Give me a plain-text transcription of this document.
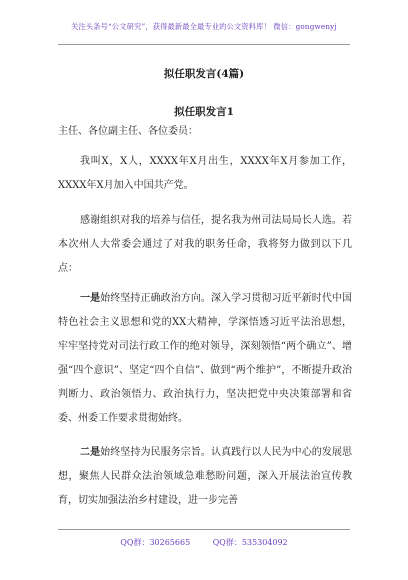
关注头条号“公文研究”，获得最新最全最专业的公文资料库！ 微信：gongwenyj
拟任职发言(4篇)
拟任职发言1
主任、各位副主任、各位委员：
我叫X，X人，XXXX年X月出生，XXXX年X月参加工作，XXXX年X月加入中国共产党。
感谢组织对我的培养与信任，提名我为州司法局局长人选。若本次州人大常委会通过了对我的职务任命，我将努力做到以下几点：
一是始终坚持正确政治方向。深入学习贯彻习近平新时代中国特色社会主义思想和党的XX大精神，学深悟透习近平法治思想，牢牢坚持党对司法行政工作的绝对领导，深刻领悟“两个确立”、增强“四个意识”、坚定“四个自信”、做到“两个维护”，不断提升政治判断力、政治领悟力、政治执行力，坚决把党中央决策部署和省委、州委工作要求贯彻始终。
二是始终坚持为民服务宗旨。认真践行以人民为中心的发展思想，聚焦人民群众法治领域急难愁盼问题，深入开展法治宣传教育，切实加强法治乡村建设，进一步完善
QQ群：30265665	QQ群：535304092
